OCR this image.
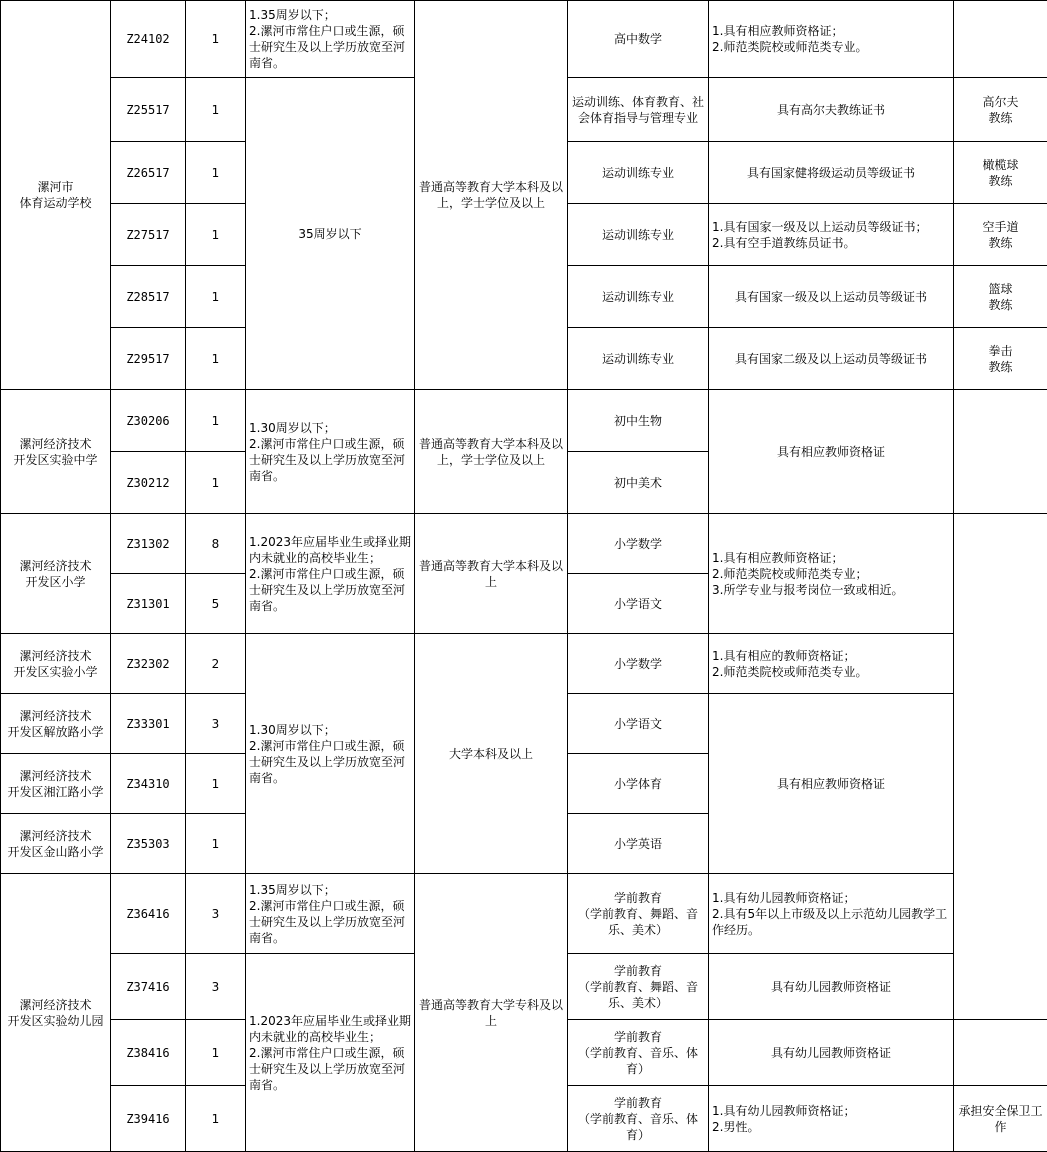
漯河市
体育运动学校	Z24102	1	1.35周岁以下；
2.漯河市常住户口或生源，硕士研究生及以上学历放宽至河南省。	普通高等教育大学本科及以上，学士学位及以上	高中数学	1.具有相应教师资格证；
2.师范类院校或师范类专业。	
	Z25517	1	35周岁以下		运动训练、体育教育、社会体育指导与管理专业	具有高尔夫教练证书	高尔夫
教练
	Z26517	1			运动训练专业	具有国家健将级运动员等级证书	橄榄球
教练
	Z27517	1			运动训练专业	1.具有国家一级及以上运动员等级证书；
2.具有空手道教练员证书。	空手道
教练
	Z28517	1			运动训练专业	具有国家一级及以上运动员等级证书	篮球
教练
	Z29517	1			运动训练专业	具有国家二级及以上运动员等级证书	拳击
教练
漯河经济技术
开发区实验中学	Z30206	1	1.30周岁以下；
2.漯河市常住户口或生源，硕士研究生及以上学历放宽至河南省。	普通高等教育大学本科及以上，学士学位及以上	初中生物	具有相应教师资格证	
	Z30212	1			初中美术		
漯河经济技术
开发区小学	Z31302	8	1.2023年应届毕业生或择业期内未就业的高校毕业生；
2.漯河市常住户口或生源，硕士研究生及以上学历放宽至河南省。	普通高等教育大学本科及以上	小学数学	1.具有相应教师资格证；
2.师范类院校或师范类专业；
3.所学专业与报考岗位一致或相近。	
	Z31301	5			小学语文		
漯河经济技术
开发区实验小学	Z32302	2	1.30周岁以下；
2.漯河市常住户口或生源，硕士研究生及以上学历放宽至河南省。	大学本科及以上	小学数学	1.具有相应的教师资格证；
2.师范类院校或师范类专业。	
漯河经济技术
开发区解放路小学	Z33301	3			小学语文	具有相应教师资格证	
漯河经济技术
开发区湘江路小学	Z34310	1			小学体育		
漯河经济技术
开发区金山路小学	Z35303	1			小学英语		
漯河经济技术
开发区实验幼儿园	Z36416	3	1.35周岁以下；
2.漯河市常住户口或生源，硕士研究生及以上学历放宽至河南省。	普通高等教育大学专科及以上	学前教育
（学前教育、舞蹈、音乐、美术）	1.具有幼儿园教师资格证；
2.具有5年以上市级及以上示范幼儿园教学工作经历。	
	Z37416	3	1.2023年应届毕业生或择业期内未就业的高校毕业生；
2.漯河市常住户口或生源，硕士研究生及以上学历放宽至河南省。		学前教育
（学前教育、舞蹈、音乐、美术）	具有幼儿园教师资格证	
	Z38416	1			学前教育
（学前教育、音乐、体育）	具有幼儿园教师资格证	
	Z39416	1			学前教育
（学前教育、音乐、体育）	1.具有幼儿园教师资格证；
2.男性。	承担安全保卫工作
